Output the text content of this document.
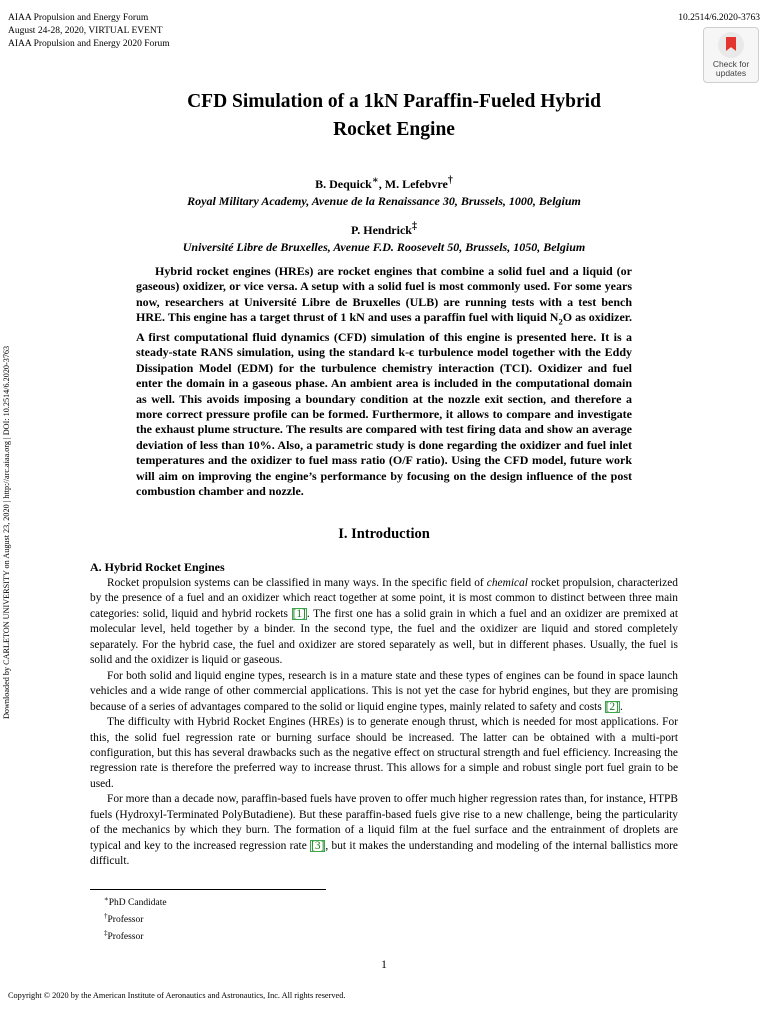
AIAA Propulsion and Energy Forum
August 24-28, 2020, VIRTUAL EVENT
AIAA Propulsion and Energy 2020 Forum
10.2514/6.2020-3763
Check for
updates
Downloaded by CARLETON UNIVERSITY on August 23, 2020 | http://arc.aiaa.org | DOI: 10.2514/6.2020-3763
CFD Simulation of a 1kN Paraffin-Fueled Hybrid
Rocket Engine
B. Dequick∗, M. Lefebvre†
Royal Military Academy, Avenue de la Renaissance 30, Brussels, 1000, Belgium
P. Hendrick‡
Université Libre de Bruxelles, Avenue F.D. Roosevelt 50, Brussels, 1050, Belgium

Hybrid rocket engines (HREs) are rocket engines that combine a solid fuel and a liquid (or gaseous) oxidizer, or vice versa. A setup with a solid fuel is most commonly used. For some years now, researchers at Université Libre de Bruxelles (ULB) are running tests with a test bench HRE. This engine has a target thrust of 1 kN and uses a paraffin fuel with liquid $N_2O$ as oxidizer. A first computational fluid dynamics (CFD) simulation of this engine is presented here. It is a steady-state RANS simulation, using the standard k-ϵ turbulence model together with the Eddy Dissipation Model (EDM) for the turbulence chemistry interaction (TCI). Oxidizer and fuel enter the domain in a gaseous phase. An ambient area is included in the computational domain as well. This avoids imposing a boundary condition at the nozzle exit section, and therefore a more correct pressure profile can be formed. Furthermore, it allows to compare and investigate the exhaust plume structure. The results are compared with test firing data and show an average deviation of less than 10%. Also, a parametric study is done regarding the oxidizer and fuel inlet temperatures and the oxidizer to fuel mass ratio (O/F ratio). Using the CFD model, future work will aim on improving the engine’s performance by focusing on the design influence of the post combustion chamber and nozzle.

I. Introduction
A. Hybrid Rocket Engines

Rocket propulsion systems can be classified in many ways. In the specific field of chemical rocket propulsion, characterized by the presence of a fuel and an oxidizer which react together at some point, it is most common to distinct between three main categories: solid, liquid and hybrid rockets [1]. The first one has a solid grain in which a fuel and an oxidizer are premixed at molecular level, held together by a binder. In the second type, the fuel and the oxidizer are liquid and stored completely separately. For the hybrid case, the fuel and oxidizer are stored separately as well, but in different phases. Usually, the fuel is solid and the oxidizer is liquid or gaseous.

For both solid and liquid engine types, research is in a mature state and these types of engines can be found in space launch vehicles and a wide range of other commercial applications. This is not yet the case for hybrid engines, but they are promising because of a series of advantages compared to the solid or liquid engine types, mainly related to safety and costs [2].

The difficulty with Hybrid Rocket Engines (HREs) is to generate enough thrust, which is needed for most applications. For this, the solid fuel regression rate or burning surface should be increased. The latter can be obtained with a multi-port configuration, but this has several drawbacks such as the negative effect on structural strength and fuel efficiency. Increasing the regression rate is therefore the preferred way to increase thrust. This allows for a simple and robust single port fuel grain to be used.

For more than a decade now, paraffin-based fuels have proven to offer much higher regression rates than, for instance, HTPB fuels (Hydroxyl-Terminated PolyButadiene). But these paraffin-based fuels give rise to a new challenge, being the particularity of the mechanics by which they burn. The formation of a liquid film at the fuel surface and the entrainment of droplets are typical and key to the increased regression rate [3], but it makes the understanding and modeling of the internal ballistics more difficult.

∗PhD Candidate
†Professor
‡Professor
1
Copyright © 2020 by the American Institute of Aeronautics and Astronautics, Inc. All rights reserved.
